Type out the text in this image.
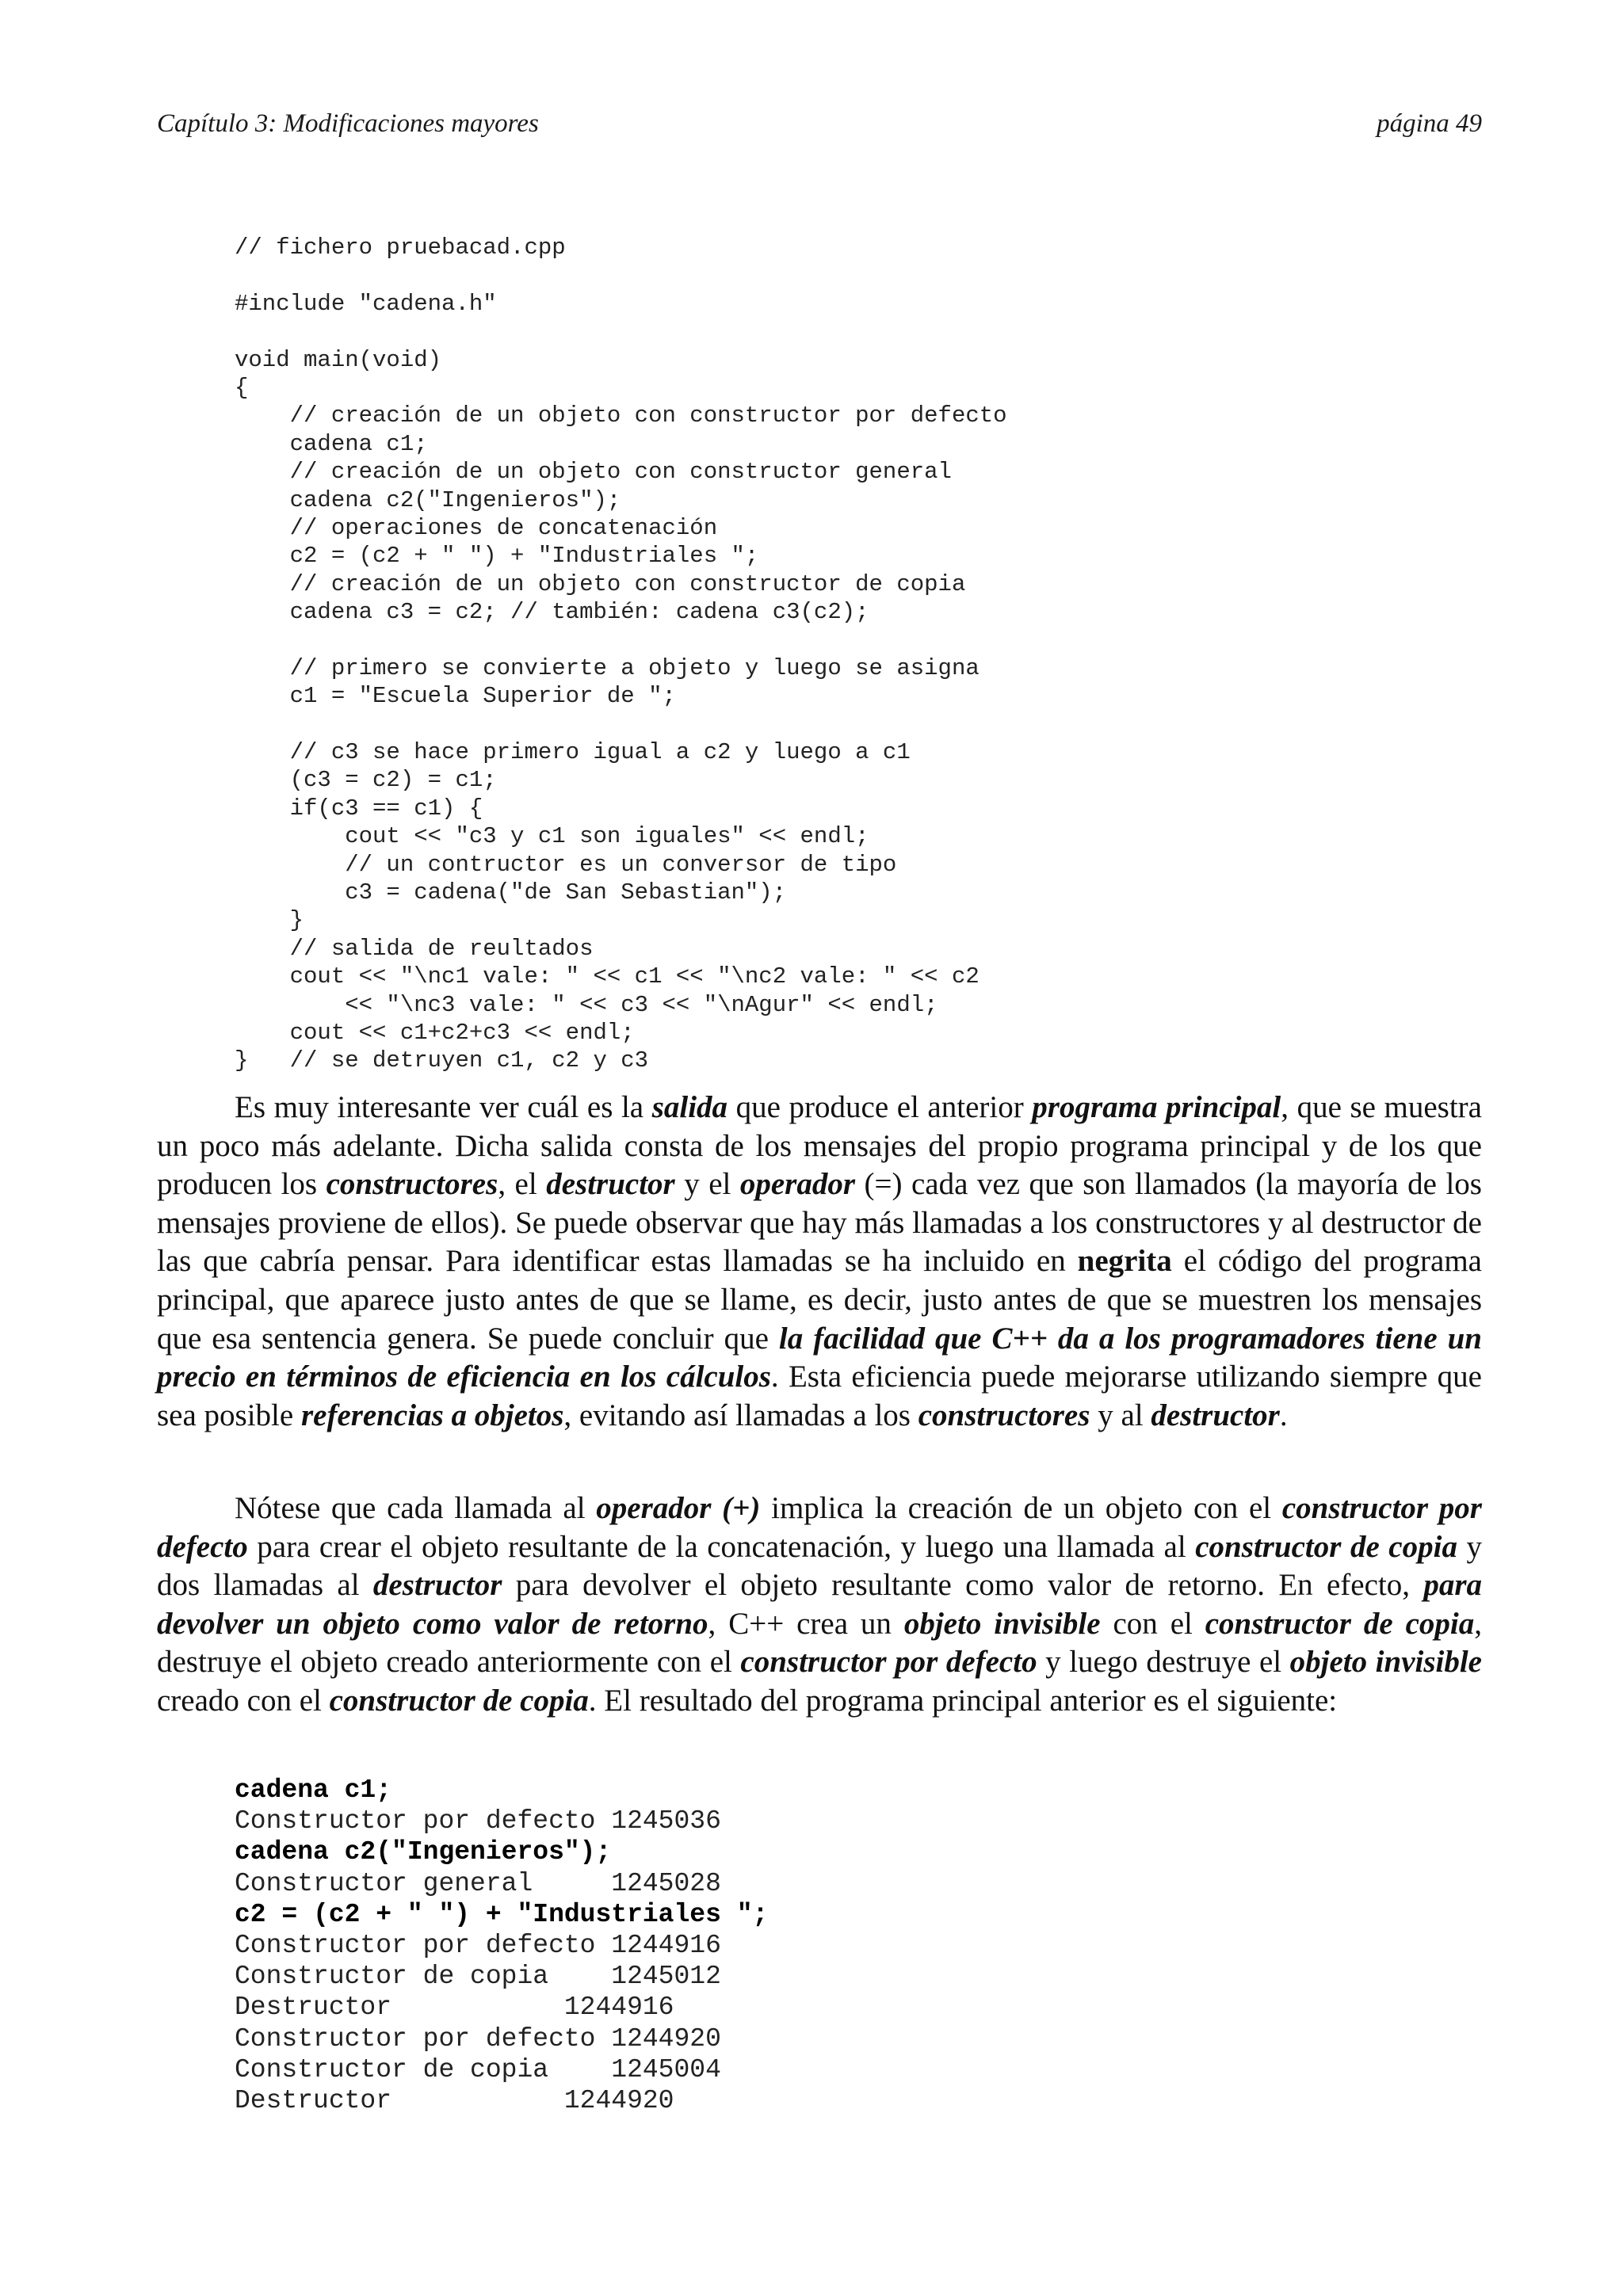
Capítulo 3: Modificaciones mayores	página 49
// fichero pruebacad.cpp
#include "cadena.h"
void main(void)
{
// creación de un objeto con constructor por defecto
cadena c1;
// creación de un objeto con constructor general
cadena c2("Ingenieros");
// operaciones de concatenación
c2 = (c2 + " ") + "Industriales ";
// creación de un objeto con constructor de copia
cadena c3 = c2; // también: cadena c3(c2);
// primero se convierte a objeto y luego se asigna
c1 = "Escuela Superior de ";
// c3 se hace primero igual a c2 y luego a c1
(c3 = c2) = c1;
if(c3 == c1) {
cout << "c3 y c1 son iguales" << endl;
// un contructor es un conversor de tipo
c3 = cadena("de San Sebastian");
}
// salida de reultados
cout << "\nc1 vale: " << c1 << "\nc2 vale: " << c2
<< "\nc3 vale: " << c3 << "\nAgur" << endl;
cout << c1+c2+c3 << endl;
}   // se detruyen c1, c2 y c3

Es muy interesante ver cuál es la salida que produce el anterior programa principal, que se muestra un poco más adelante. Dicha salida consta de los mensajes del propio programa principal y de los que producen los constructores, el destructor y el operador (=) cada vez que son llamados (la mayoría de los mensajes proviene de ellos). Se puede observar que hay más llamadas a los constructores y al destructor de las que cabría pensar. Para identificar estas llamadas se ha incluido en negrita el código del programa principal, que aparece justo antes de que se llame, es decir, justo antes de que se muestren los mensajes que esa sentencia genera. Se puede concluir que la facilidad que C++ da a los programadores tiene un precio en términos de eficiencia en los cálculos. Esta eficiencia puede mejorarse utilizando siempre que sea posible referencias a objetos, evitando así llamadas a los constructores y al destructor.

Nótese que cada llamada al operador (+) implica la creación de un objeto con el constructor por defecto para crear el objeto resultante de la concatenación, y luego una llamada al constructor de copia y dos llamadas al destructor para devolver el objeto resultante como valor de retorno. En efecto, para devolver un objeto como valor de retorno, C++ crea un objeto invisible con el constructor de copia, destruye el objeto creado anteriormente con el constructor por defecto y luego destruye el objeto invisible creado con el constructor de copia. El resultado del programa principal anterior es el siguiente:

cadena c1;
Constructor por defecto 1245036
cadena c2("Ingenieros");
Constructor general     1245028
c2 = (c2 + " ") + "Industriales ";
Constructor por defecto 1244916
Constructor de copia    1245012
Destructor           1244916
Constructor por defecto 1244920
Constructor de copia    1245004
Destructor           1244920
